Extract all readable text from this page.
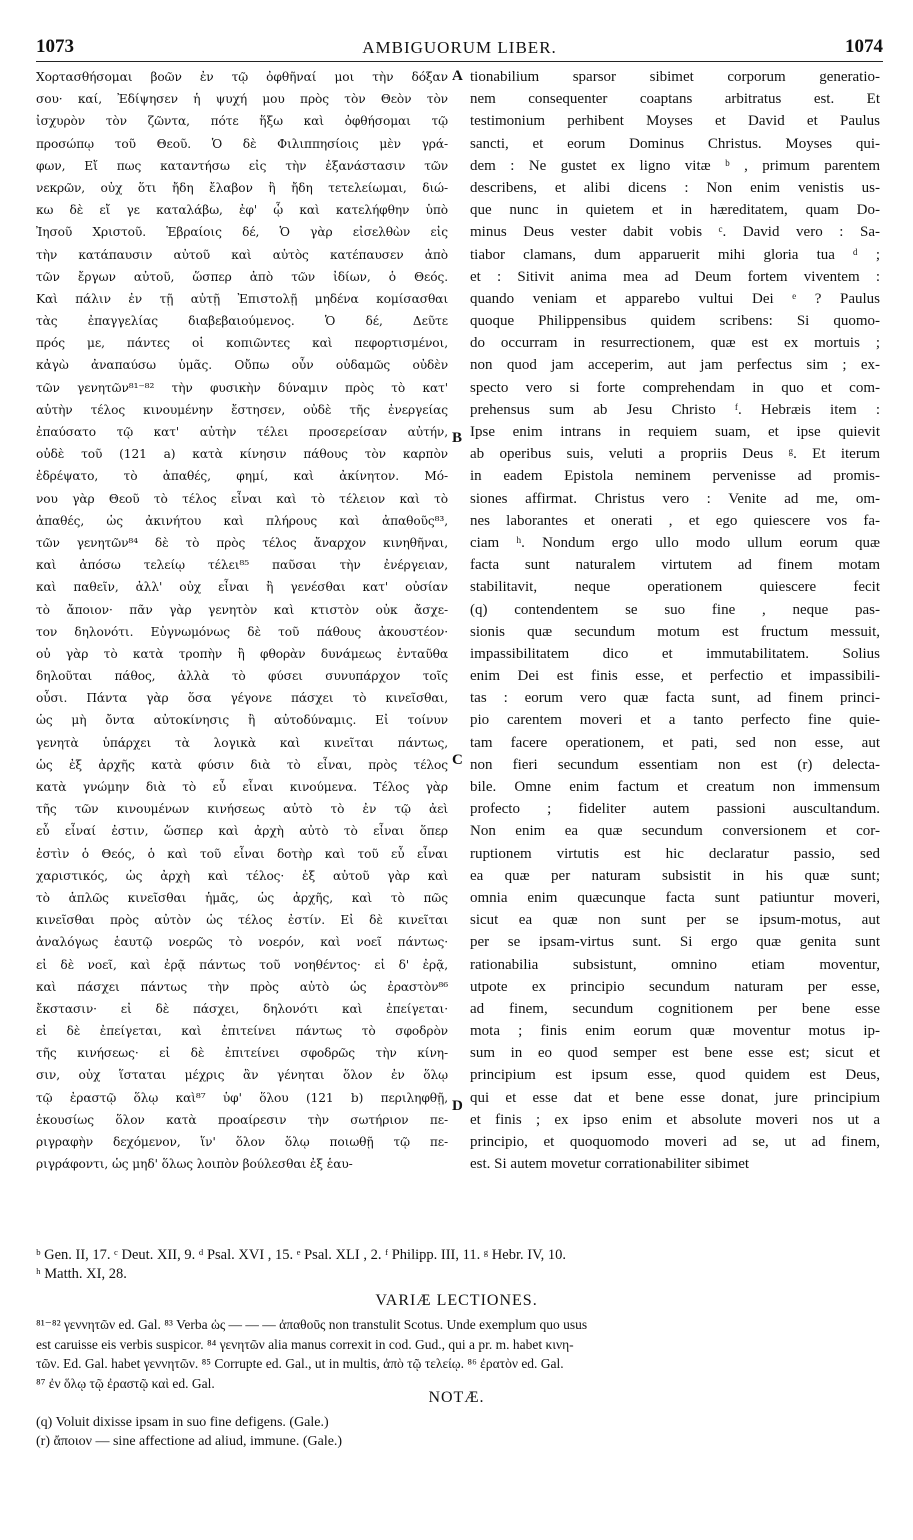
1073	AMBIGUORUM LIBER.	1074
Χορτασθήσομαι βοῶν ἐν τῷ ὀφθῆναί μοι τὴν δόξαν
σου· καί, Ἐδίψησεν ἡ ψυχή μου πρὸς τὸν Θεὸν τὸν
ἰσχυρὸν τὸν ζῶντα, πότε ἥξω καὶ ὀφθήσομαι τῷ
προσώπῳ τοῦ Θεοῦ. Ὁ δὲ Φιλιππησίοις μὲν γρά-
φων, Εἴ πως καταντήσω εἰς τὴν ἐξανάστασιν τῶν
νεκρῶν, οὐχ ὅτι ἤδη ἔλαβον ἢ ἤδη τετελείωμαι, διώ-
κω δὲ εἴ γε καταλάβω, ἐφ' ᾧ καὶ κατελήφθην ὑπὸ
Ἰησοῦ Χριστοῦ. Ἑβραίοις δέ, Ὁ γὰρ εἰσελθὼν εἰς
τὴν κατάπαυσιν αὐτοῦ καὶ αὐτὸς κατέπαυσεν ἀπὸ
τῶν ἔργων αὐτοῦ, ὥσπερ ἀπὸ τῶν ἰδίων, ὁ Θεός.
Καὶ πάλιν ἐν τῇ αὐτῇ Ἐπιστολῇ μηδένα κομίσασθαι
τὰς ἐπαγγελίας διαβεβαιούμενος. Ὁ δέ, Δεῦτε
πρός με, πάντες οἱ κοπιῶντες καὶ πεφορτισμένοι,
κἀγὼ ἀναπαύσω ὑμᾶς. Οὔπω οὖν οὐδαμῶς οὐδὲν
τῶν γενητῶν⁸¹⁻⁸² τὴν φυσικὴν δύναμιν πρὸς τὸ κατ'
αὐτὴν τέλος κινουμένην ἔστησεν, οὐδὲ τῆς ἐνεργείας
ἐπαύσατο τῷ κατ' αὐτὴν τέλει προσερείσαν αὐτήν,
οὐδὲ τοῦ (121 a) κατὰ κίνησιν πάθους τὸν καρπὸν
ἐδρέψατο, τὸ ἀπαθές, φημί, καὶ ἀκίνητον. Μό-
νου γὰρ Θεοῦ τὸ τέλος εἶναι καὶ τὸ τέλειον καὶ τὸ
ἀπαθές, ὡς ἀκινήτου καὶ πλήρους καὶ ἀπαθοῦς⁸³,
τῶν γενητῶν⁸⁴ δὲ τὸ πρὸς τέλος ἄναρχον κινηθῆναι,
καὶ ἀπόσω τελείῳ τέλει⁸⁵ παῦσαι τὴν ἐνέργειαν,
καὶ παθεῖν, ἀλλ' οὐχ εἶναι ἢ γενέσθαι κατ' οὐσίαν
τὸ ἄποιον· πᾶν γὰρ γενητὸν καὶ κτιστὸν οὐκ ἄσχε-
τον δηλονότι. Εὐγνωμόνως δὲ τοῦ πάθους ἀκουστέον·
οὐ γὰρ τὸ κατὰ τροπὴν ἢ φθορὰν δυνάμεως ἐνταῦθα
δηλοῦται πάθος, ἀλλὰ τὸ φύσει συνυπάρχον τοῖς
οὖσι. Πάντα γὰρ ὅσα γέγονε πάσχει τὸ κινεῖσθαι,
ὡς μὴ ὄντα αὐτοκίνησις ἢ αὐτοδύναμις. Εἰ τοίνυν
γενητὰ ὑπάρχει τὰ λογικὰ καὶ κινεῖται πάντως,
ὡς ἐξ ἀρχῆς κατὰ φύσιν διὰ τὸ εἶναι, πρὸς τέλος
κατὰ γνώμην διὰ τὸ εὖ εἶναι κινούμενα. Τέλος γὰρ
τῆς τῶν κινουμένων κινήσεως αὐτὸ τὸ ἐν τῷ ἀεὶ
εὖ εἶναί ἐστιν, ὥσπερ καὶ ἀρχὴ αὐτὸ τὸ εἶναι ὅπερ
ἐστὶν ὁ Θεός, ὁ καὶ τοῦ εἶναι δοτὴρ καὶ τοῦ εὖ εἶναι
χαριστικός, ὡς ἀρχὴ καὶ τέλος· ἐξ αὐτοῦ γὰρ καὶ
τὸ ἁπλῶς κινεῖσθαι ἡμᾶς, ὡς ἀρχῆς, καὶ τὸ πῶς
κινεῖσθαι πρὸς αὐτὸν ὡς τέλος ἐστίν. Εἰ δὲ κινεῖται
ἀναλόγως ἑαυτῷ νοερῶς τὸ νοερόν, καὶ νοεῖ πάντως·
εἰ δὲ νοεῖ, καὶ ἐρᾷ πάντως τοῦ νοηθέντος· εἰ δ' ἐρᾷ,
καὶ πάσχει πάντως τὴν πρὸς αὐτὸ ὡς ἐραστὸν⁸⁶
ἔκστασιν· εἰ δὲ πάσχει, δηλονότι καὶ ἐπείγεται·
εἰ δὲ ἐπείγεται, καὶ ἐπιτείνει πάντως τὸ σφοδρὸν
τῆς κινήσεως· εἰ δὲ ἐπιτείνει σφοδρῶς τὴν κίνη-
σιν, οὐχ ἵσταται μέχρις ἂν γένηται ὅλον ἐν ὅλῳ
τῷ ἐραστῷ ὅλῳ καὶ⁸⁷ ὑφ' ὅλου (121 b) περιληφθῇ,
ἑκουσίως ὅλον κατὰ προαίρεσιν τὴν σωτήριον πε-
ριγραφὴν δεχόμενον, ἵν' ὅλον ὅλῳ ποιωθῇ τῷ πε-
ριγράφοντι, ὡς μηδ' ὅλως λοιπὸν βούλεσθαι ἐξ ἑαυ-
tionabilium sparsor sibimet corporum generatio-
nem consequenter coaptans arbitratus est. Et
testimonium perhibent Moyses et David et Paulus
sancti, et eorum Dominus Christus. Moyses qui-
dem : Ne gustet ex ligno vitæ ᵇ , primum parentem
describens, et alibi dicens : Non enim venistis us-
que nunc in quietem et in hæreditatem, quam Do-
minus Deus vester dabit vobis ᶜ. David vero : Sa-
tiabor clamans, dum apparuerit mihi gloria tua ᵈ ;
et : Sitivit anima mea ad Deum fortem viventem :
quando veniam et apparebo vultui Dei ᵉ ? Paulus
quoque Philippensibus quidem scribens: Si quomo-
do occurram in resurrectionem, quæ est ex mortuis ;
non quod jam acceperim, aut jam perfectus sim ; ex-
specto vero si forte comprehendam in quo et com-
prehensus sum ab Jesu Christo ᶠ. Hebræis item :
Ipse enim intrans in requiem suam, et ipse quievit
ab operibus suis, veluti a propriis Deus ᵍ. Et iterum
in eadem Epistola neminem pervenisse ad promis-
siones affirmat. Christus vero : Venite ad me, om-
nes laborantes et onerati , et ego quiescere vos fa-
ciam ʰ. Nondum ergo ullo modo ullum eorum quæ
facta sunt naturalem virtutem ad finem motam
stabilitavit, neque operationem quiescere fecit
(q) contendentem se suo fine , neque pas-
sionis quæ secundum motum est fructum messuit,
impassibilitatem dico et immutabilitatem. Solius
enim Dei est finis esse, et perfectio et impassibili-
tas : eorum vero quæ facta sunt, ad finem princi-
pio carentem moveri et a tanto perfecto fine quie-
tam facere operationem, et pati, sed non esse, aut
non fieri secundum essentiam non est (r) delecta-
bile. Omne enim factum et creatum non immensum
profecto ; fideliter autem passioni auscultandum.
Non enim ea quæ secundum conversionem et cor-
ruptionem virtutis est hic declaratur passio, sed
ea quæ per naturam subsistit in his quæ sunt;
omnia enim quæcunque facta sunt patiuntur moveri,
sicut ea quæ non sunt per se ipsum-motus, aut
per se ipsam-virtus sunt. Si ergo quæ genita sunt
rationabilia subsistunt, omnino etiam moventur,
utpote ex principio secundum naturam per esse,
ad finem, secundum cognitionem per bene esse
mota ; finis enim eorum quæ moventur motus ip-
sum in eo quod semper est bene esse est; sicut et
principium est ipsum esse, quod quidem est Deus,
qui et esse dat et bene esse donat, jure principium
et finis ; ex ipso enim et absolute moveri nos ut a
principio, et quoquomodo moveri ad se, ut ad finem,
est. Si autem movetur corrationabiliter sibimet
A
B
C
D
ᵇ Gen. II, 17. ᶜ Deut. XII, 9. ᵈ Psal. XVI , 15. ᵉ Psal. XLI , 2. ᶠ Philipp. III, 11. ᵍ Hebr. IV, 10.
ʰ Matth. XI, 28.
VARIÆ LECTIONES.
⁸¹⁻⁸² γεννητῶν ed. Gal. ⁸³ Verba ὡς — — — ἀπαθοῦς non transtulit Scotus. Unde exemplum quo usus
est caruisse eis verbis suspicor. ⁸⁴ γενητῶν alia manus correxit in cod. Gud., qui a pr. m. habet κινη-
τῶν. Ed. Gal. habet γεννητῶν. ⁸⁵ Corrupte ed. Gal., ut in multis, ἀπὸ τῷ τελείῳ. ⁸⁶ ἐρατὸν ed. Gal.
⁸⁷ ἐν ὅλῳ τῷ ἐραστῷ καὶ ed. Gal.
NOTÆ.
(q) Voluit dixisse ipsam in suo fine defigens. (Gale.)
(r) ἄποιον — sine affectione ad aliud, immune. (Gale.)
